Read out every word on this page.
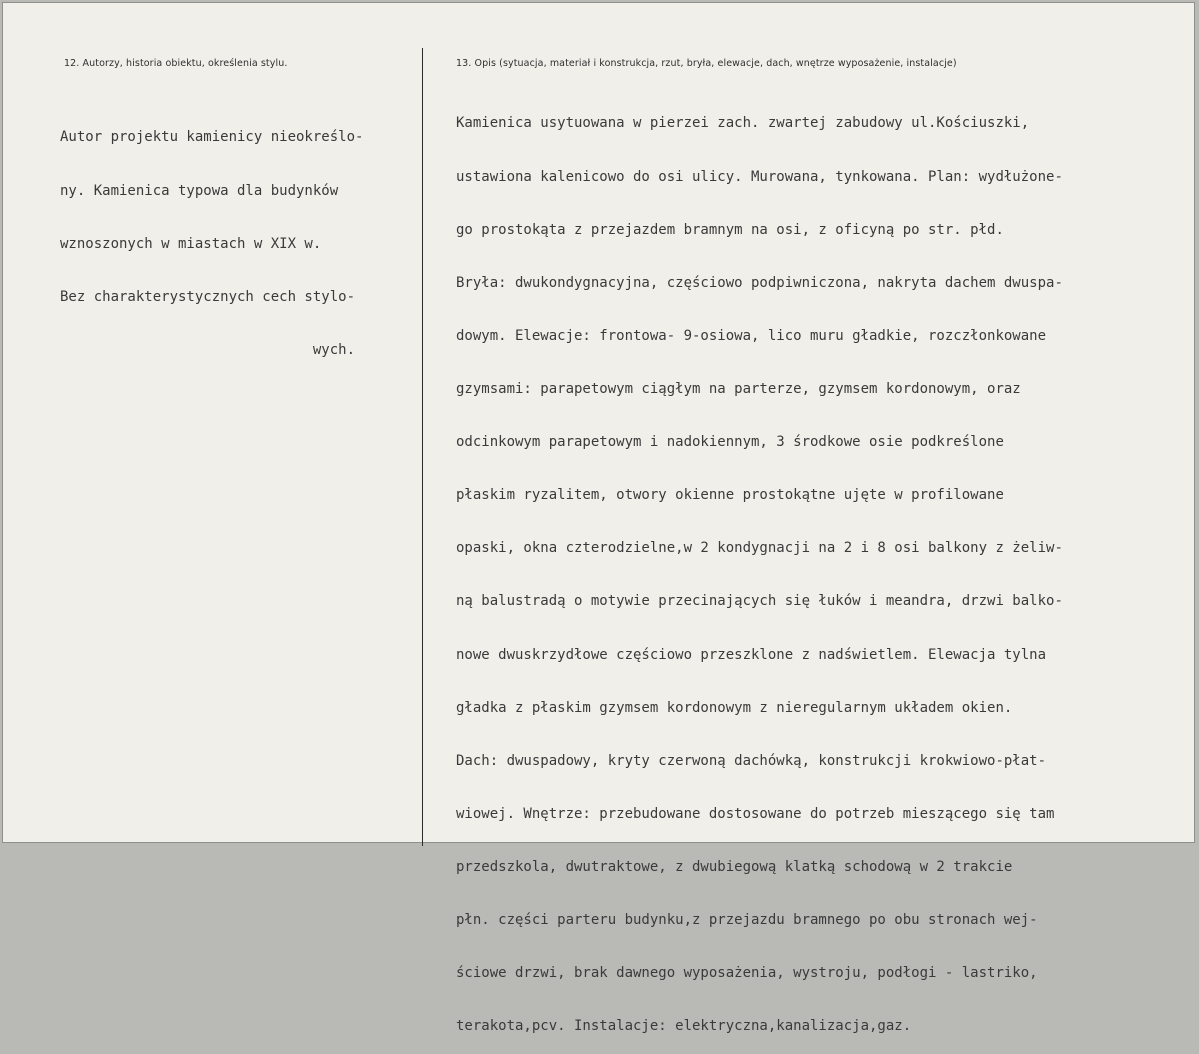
12. Autorzy, historia obiektu, określenia stylu.	13. Opis (sytuacja, materiał i konstrukcja, rzut, bryła, elewacje, dach, wnętrze wyposażenie, instalacje)

Autor projektu kamienicy nieokreślo-

ny. Kamienica typowa dla budynków

wznoszonych w miastach w XIX w.

Bez charakterystycznych cech stylo-

wych.

Kamienica usytuowana w pierzei zach. zwartej zabudowy ul.Kościuszki,

ustawiona kalenicowo do osi ulicy. Murowana, tynkowana. Plan: wydłużone-

go prostokąta z przejazdem bramnym na osi, z oficyną po str. płd.

Bryła: dwukondygnacyjna, częściowo podpiwniczona, nakryta dachem dwuspa-

dowym. Elewacje: frontowa- 9-osiowa, lico muru gładkie, rozczłonkowane

gzymsami: parapetowym ciągłym na parterze, gzymsem kordonowym, oraz

odcinkowym parapetowym i nadokiennym, 3 środkowe osie podkreślone

płaskim ryzalitem, otwory okienne prostokątne ujęte w profilowane

opaski, okna czterodzielne,w 2 kondygnacji na 2 i 8 osi balkony z żeliw-

ną balustradą o motywie przecinających się łuków i meandra, drzwi balko-

nowe dwuskrzydłowe częściowo przeszklone z nadświetlem. Elewacja tylna

gładka z płaskim gzymsem kordonowym z nieregularnym układem okien.

Dach: dwuspadowy, kryty czerwoną dachówką, konstrukcji krokwiowo-płat-

wiowej. Wnętrze: przebudowane dostosowane do potrzeb mieszącego się tam

przedszkola, dwutraktowe, z dwubiegową klatką schodową w 2 trakcie

płn. części parteru budynku,z przejazdu bramnego po obu stronach wej-

ściowe drzwi, brak dawnego wyposażenia, wystroju, podłogi - lastriko,

terakota,pcv. Instalacje: elektryczna,kanalizacja,gaz.
